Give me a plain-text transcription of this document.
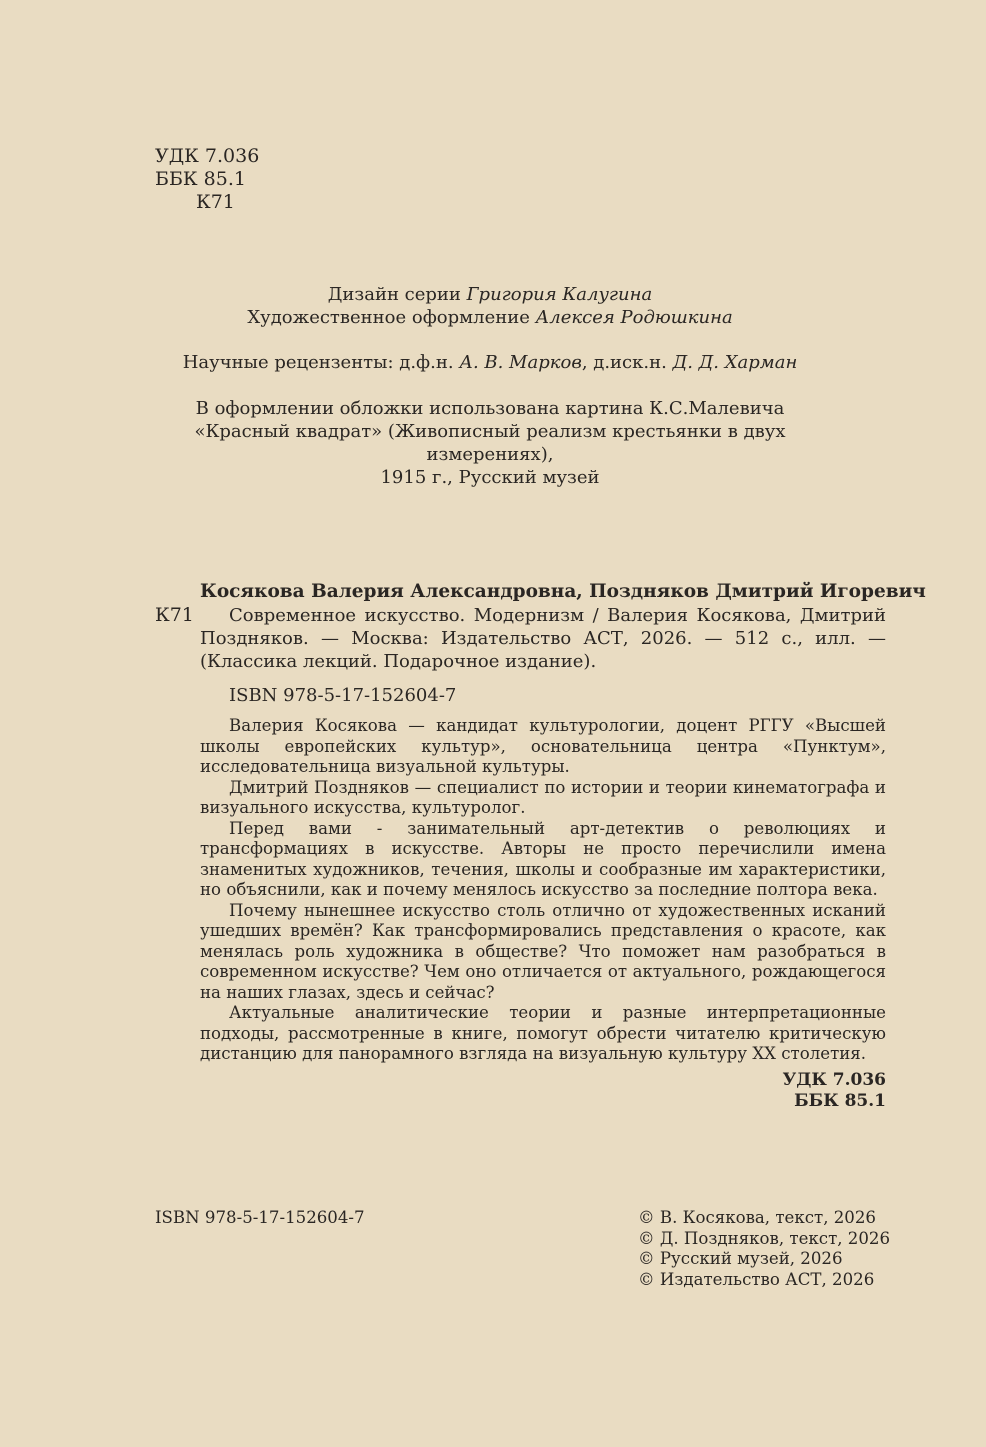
УДК 7.036
ББК 85.1
К71
Дизайн серии Григория Калугина
Художественное оформление Алексея Родюшкина
Научные рецензенты: д.ф.н. А. В. Марков, д.иск.н. Д. Д. Харман
В оформлении обложки использована картина К.С.Малевича
«Красный квадрат» (Живописный реализм крестьянки в двух измерениях),
1915 г., Русский музей
Косякова Валерия Александровна, Поздняков Дмитрий Игоревич
К71	Современное искусство. Модернизм / Валерия Косякова, Дмитрий Поздняков. — Москва: Издательство АСТ, 2026. — 512 с., илл. — (Классика лекций. Подарочное издание).
ISBN 978-5-17-152604-7

Валерия Косякова — кандидат культурологии, доцент РГГУ «Высшей школы европейских культур», основательница центра «Пунктум», исследовательница визуальной культуры.

Дмитрий Поздняков — специалист по истории и теории кинематографа и визуального искусства, культуролог.

Перед вами - занимательный арт-детектив о революциях и трансформациях в искусстве. Авторы не просто перечислили имена знаменитых художников, течения, школы и сообразные им характеристики, но объяснили, как и почему менялось искусство за последние полтора века.

Почему нынешнее искусство столь отлично от художественных исканий ушедших времён? Как трансформировались представления о красоте, как менялась роль художника в обществе? Что поможет нам разобраться в современном искусстве? Чем оно отличается от актуального, рождающегося на наших глазах, здесь и сейчас?

Актуальные аналитические теории и разные интерпретационные подходы, рассмотренные в книге, помогут обрести читателю критическую дистанцию для панорамного взгляда на визуальную культуру XX столетия.

УДК 7.036
ББК 85.1
ISBN 978-5-17-152604-7	© В. Косякова, текст, 2026
© Д. Поздняков, текст, 2026
© Русский музей, 2026
© Издательство АСТ, 2026
